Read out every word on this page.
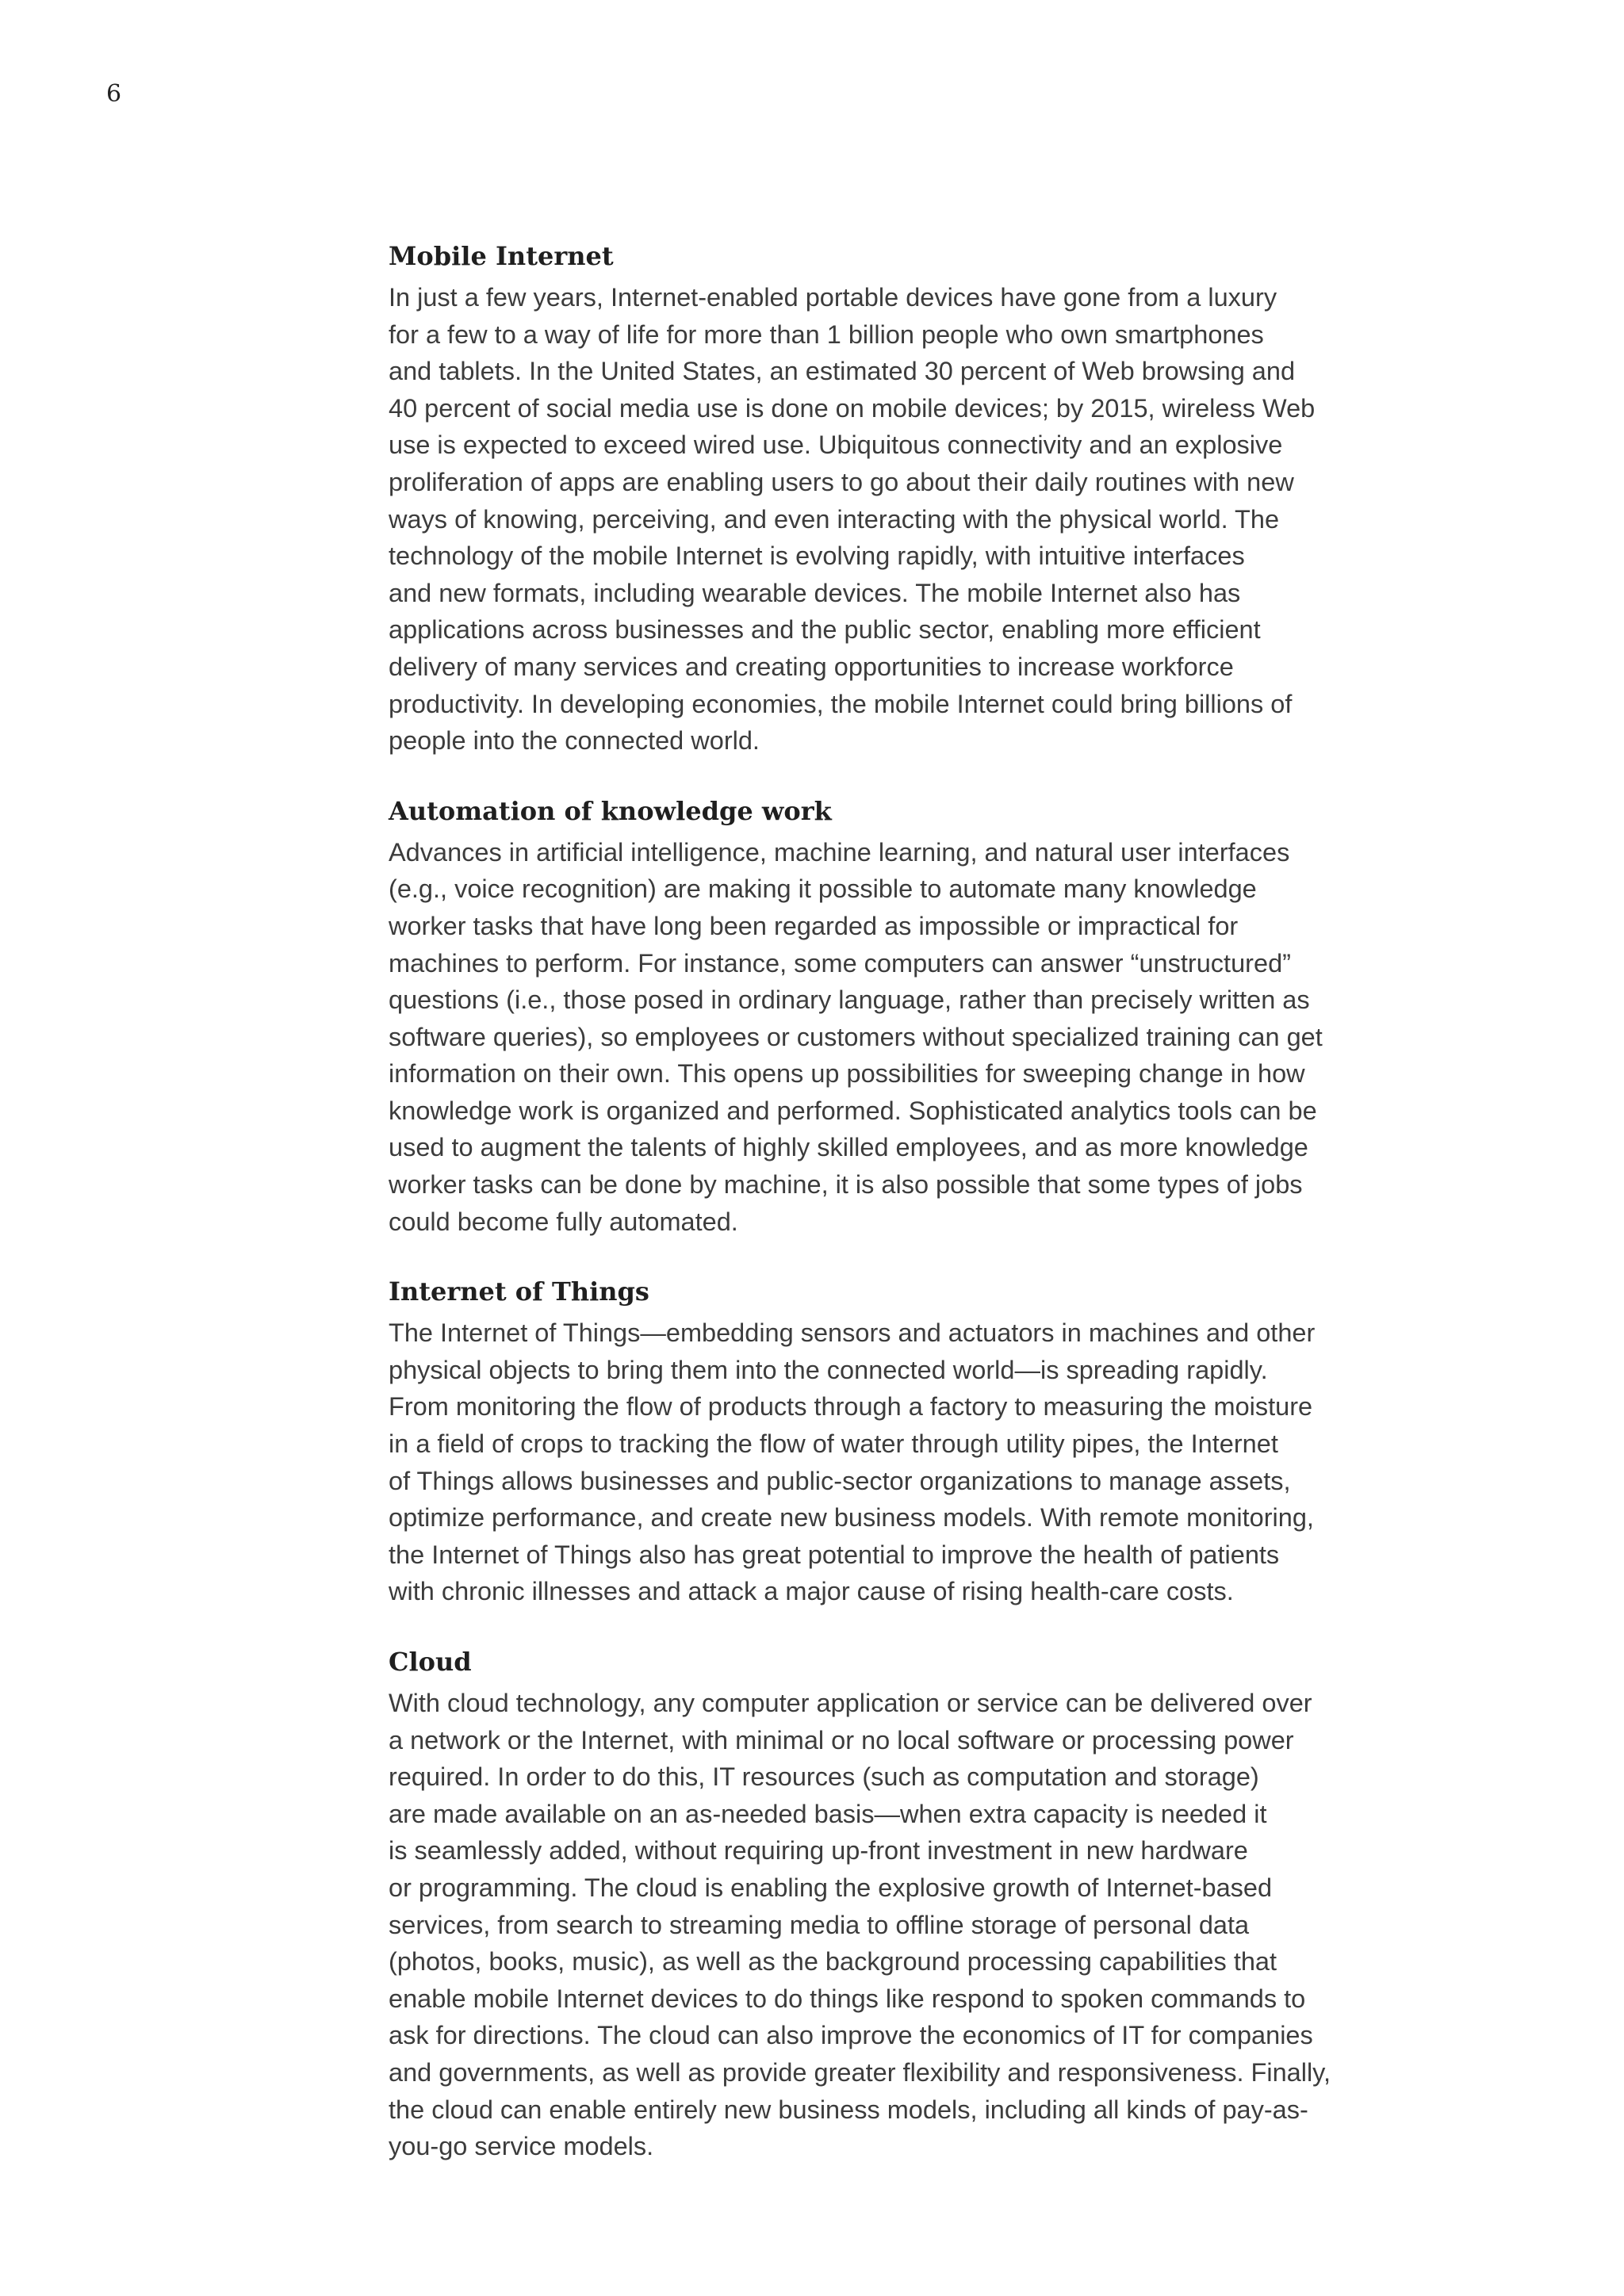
6
Mobile Internet

In just a few years, Internet-enabled portable devices have gone from a luxury
for a few to a way of life for more than 1 billion people who own smartphones
and tablets. In the United States, an estimated 30 percent of Web browsing and
40 percent of social media use is done on mobile devices; by 2015, wireless Web
use is expected to exceed wired use. Ubiquitous connectivity and an explosive
proliferation of apps are enabling users to go about their daily routines with new
ways of knowing, perceiving, and even interacting with the physical world. The
technology of the mobile Internet is evolving rapidly, with intuitive interfaces
and new formats, including wearable devices. The mobile Internet also has
applications across businesses and the public sector, enabling more efficient
delivery of many services and creating opportunities to increase workforce
productivity. In developing economies, the mobile Internet could bring billions of
people into the connected world.

Automation of knowledge work

Advances in artificial intelligence, machine learning, and natural user interfaces
(e.g., voice recognition) are making it possible to automate many knowledge
worker tasks that have long been regarded as impossible or impractical for
machines to perform. For instance, some computers can answer “unstructured”
questions (i.e., those posed in ordinary language, rather than precisely written as
software queries), so employees or customers without specialized training can get
information on their own. This opens up possibilities for sweeping change in how
knowledge work is organized and performed. Sophisticated analytics tools can be
used to augment the talents of highly skilled employees, and as more knowledge
worker tasks can be done by machine, it is also possible that some types of jobs
could become fully automated.

Internet of Things

The Internet of Things—embedding sensors and actuators in machines and other
physical objects to bring them into the connected world—is spreading rapidly.
From monitoring the flow of products through a factory to measuring the moisture
in a field of crops to tracking the flow of water through utility pipes, the Internet
of Things allows businesses and public-sector organizations to manage assets,
optimize performance, and create new business models. With remote monitoring,
the Internet of Things also has great potential to improve the health of patients
with chronic illnesses and attack a major cause of rising health-care costs.

Cloud

With cloud technology, any computer application or service can be delivered over
a network or the Internet, with minimal or no local software or processing power
required. In order to do this, IT resources (such as computation and storage)
are made available on an as-needed basis—when extra capacity is needed it
is seamlessly added, without requiring up-front investment in new hardware
or programming. The cloud is enabling the explosive growth of Internet-based
services, from search to streaming media to offline storage of personal data
(photos, books, music), as well as the background processing capabilities that
enable mobile Internet devices to do things like respond to spoken commands to
ask for directions. The cloud can also improve the economics of IT for companies
and governments, as well as provide greater flexibility and responsiveness. Finally,
the cloud can enable entirely new business models, including all kinds of pay-as-
you-go service models.
